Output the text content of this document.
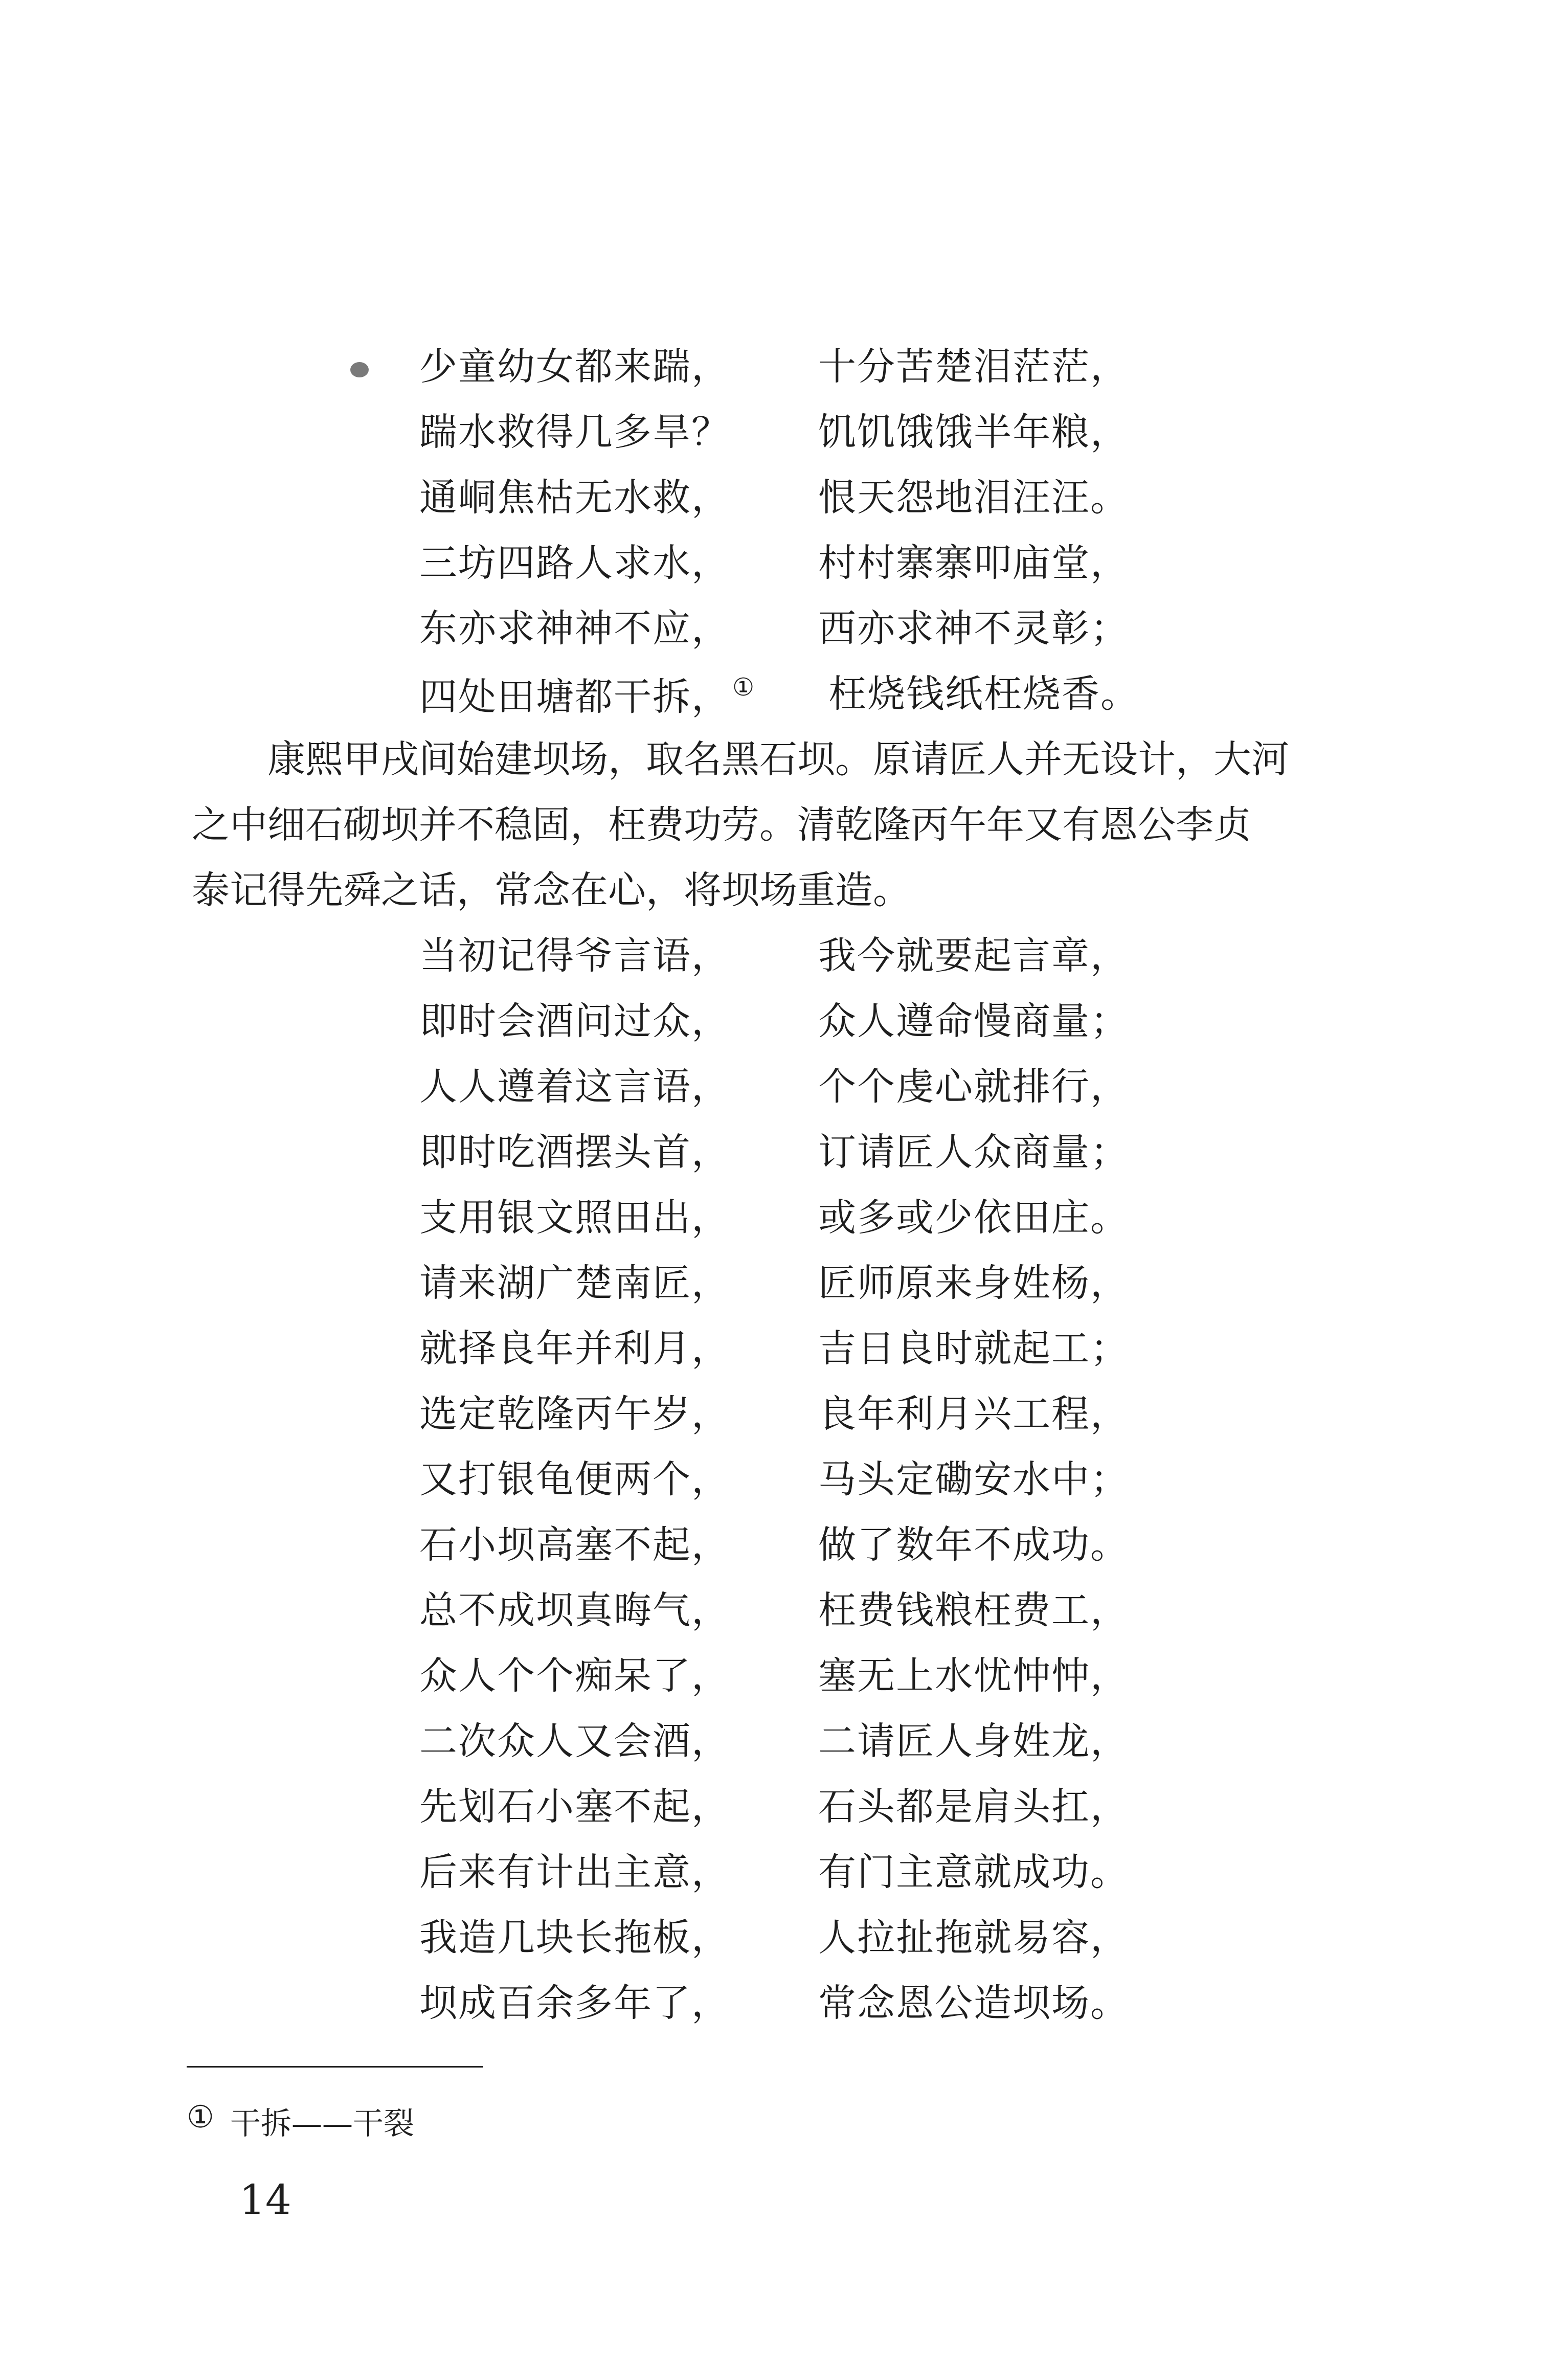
少童幼女都来踹， 十分苦楚泪茫茫，
踹水救得几多旱？ 饥饥饿饿半年粮，
通峒焦枯无水救， 恨天怨地泪汪汪。
三坊四路人求水， 村村寨寨叩庙堂，
东亦求神神不应， 西亦求神不灵彰；
四处田塘都干拆，① 枉烧钱纸枉烧香。
　　康熙甲戌间始建坝场，取名黑石坝。原请匠人并无设计，大河
之中细石砌坝并不稳固，枉费功劳。清乾隆丙午年又有恩公李贞
泰记得先舜之话，常念在心，将坝场重造。
当初记得爷言语， 我今就要起言章，
即时会酒问过众， 众人遵命慢商量；
人人遵着这言语， 个个虔心就排行，
即时吃酒摆头首， 订请匠人众商量；
支用银文照田出， 或多或少依田庄。
请来湖广楚南匠， 匠师原来身姓杨，
就择良年并利月， 吉日良时就起工；
选定乾隆丙午岁， 良年利月兴工程，
又打银龟便两个， 马头定磡安水中；
石小坝高塞不起， 做了数年不成功。
总不成坝真晦气， 枉费钱粮枉费工，
众人个个痴呆了， 塞无上水忧忡忡，
二次众人又会酒， 二请匠人身姓龙，
先划石小塞不起， 石头都是肩头扛，
后来有计出主意， 有门主意就成功。
我造几块长拖板， 人拉扯拖就易容，
坝成百余多年了， 常念恩公造坝场。
① 干拆——干裂
14
